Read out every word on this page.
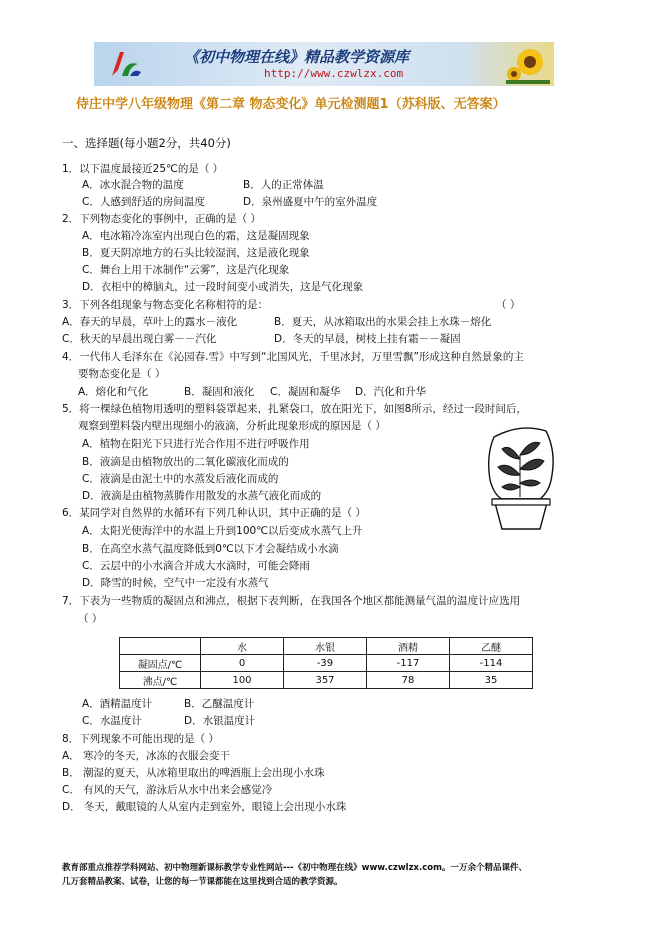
《初中物理在线》精品教学资源库
http://www.czwlzx.com
侍庄中学八年级物理《第二章 物态变化》单元检测题1（苏科版、无答案）
一、选择题(每小题2分，共40分)
1．以下温度最接近25℃的是（ ）
A．冰水混合物的温度	B．人的正常体温
C．人感到舒适的房间温度	D．泉州盛夏中午的室外温度
2．下列物态变化的事例中，正确的是（ ）
A．电冰箱冷冻室内出现白色的霜，这是凝固现象
B．夏天阴凉地方的石头比较湿润，这是液化现象
C．舞台上用干冰制作“云雾”，这是汽化现象
D．衣柜中的樟脑丸，过一段时间变小或消失，这是气化现象
3．下列各组现象与物态变化名称相符的是：	（ ）
A．春天的早晨，草叶上的露水－液化	B．夏天，从冰箱取出的水果会挂上水珠－熔化
C．秋天的早晨出现白雾－－汽化	D．冬天的早晨，树枝上挂有霜－－凝固
4．一代伟人毛泽东在《沁园春.雪》中写到“北国风光，千里冰封，万里雪飘”形成这种自然景象的主
要物态变化是（ ）
A．熔化和气化	B．凝固和液化 C．凝固和凝华 D．汽化和升华
5．将一棵绿色植物用透明的塑料袋罩起来，扎紧袋口，放在阳光下，如图8所示，经过一段时间后，
观察到塑料袋内壁出现细小的液滴，分析此现象形成的原因是（ ）
A．植物在阳光下只进行光合作用不进行呼吸作用
B．液滴是由植物放出的二氧化碳液化而成的
C．液滴是由泥土中的水蒸发后液化而成的
D．液滴是由植物蒸腾作用散发的水蒸气液化而成的
6．某同学对自然界的水循环有下列几种认识，其中正确的是（ ）
A．太阳光使海洋中的水温上升到100℃以后变成水蒸气上升
B．在高空水蒸气温度降低到0℃以下才会凝结成小水滴
C．云层中的小水滴合并成大水滴时，可能会降雨
D．降雪的时候，空气中一定没有水蒸气
7．下表为一些物质的凝固点和沸点，根据下表判断，在我国各个地区都能测量气温的温度计应选用
（ ）
	水	水银	酒精	乙醚
凝固点/℃	0	-39	-117	-114
沸点/℃	100	357	78	35
A．酒精温度计	B．乙醚温度计
C．水温度计	D．水银温度计
8．下列现象不可能出现的是（ ）
A． 寒冷的冬天，冰冻的衣服会变干
B． 潮湿的夏天，从冰箱里取出的啤酒瓶上会出现小水珠
C． 有风的天气，游泳后从水中出来会感觉冷
D． 冬天，戴眼镜的人从室内走到室外，眼镜上会出现小水珠
教育部重点推荐学科网站、初中物理新课标教学专业性网站---《初中物理在线》www.czwlzx.com。一万余个精品课件、
几万套精品教案、试卷，让您的每一节课都能在这里找到合适的教学资源。
